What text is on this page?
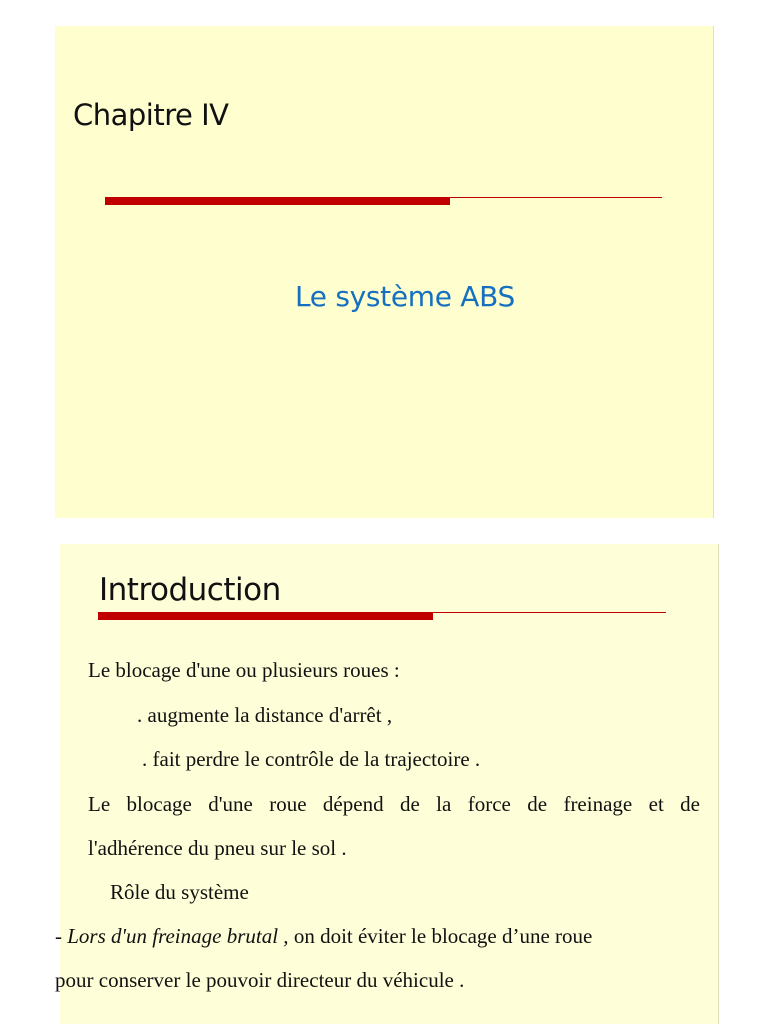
Chapitre IV
Le système ABS
Introduction
Le blocage d'une ou plusieurs roues :
. augmente la distance d'arrêt ,
. fait perdre le contrôle de la trajectoire .
Le blocage d'une roue dépend de la force de freinage et de
l'adhérence du pneu sur le sol .
Rôle du système
- Lors d'un freinage brutal , on doit éviter le blocage d’une roue
pour conserver le pouvoir directeur du véhicule .
